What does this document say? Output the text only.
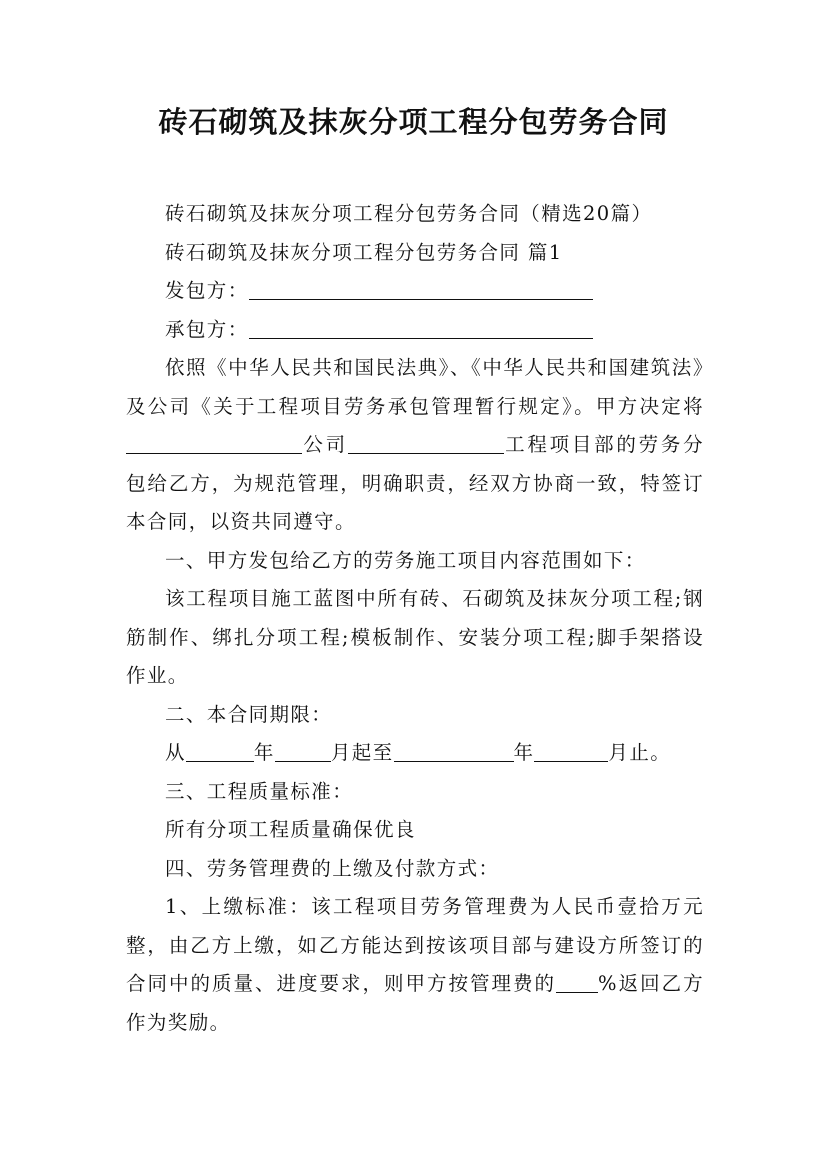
砖石砌筑及抹灰分项工程分包劳务合同

砖石砌筑及抹灰分项工程分包劳务合同（精选20篇）

砖石砌筑及抹灰分项工程分包劳务合同 篇1

发包方：

承包方：

依照《中华人民共和国民法典》、《中华人民共和国建筑法》及公司《关于工程项目劳务承包管理暂行规定》。甲方决定将公司	工程项目部的劳务分包给乙方，为规范管理，明确职责，经双方协商一致，特签订本合同，以资共同遵守。

一、甲方发包给乙方的劳务施工项目内容范围如下：

该工程项目施工蓝图中所有砖、石砌筑及抹灰分项工程;钢筋制作、绑扎分项工程;模板制作、安装分项工程;脚手架搭设作业。

二、本合同期限：

从	年	月起至	年	月止。

三、工程质量标准：

所有分项工程质量确保优良

四、劳务管理费的上缴及付款方式：

1、上缴标准：该工程项目劳务管理费为人民币壹拾万元整，由乙方上缴，如乙方能达到按该项目部与建设方所签订的合同中的质量、进度要求，则甲方按管理费的 %返回乙方作为奖励。
